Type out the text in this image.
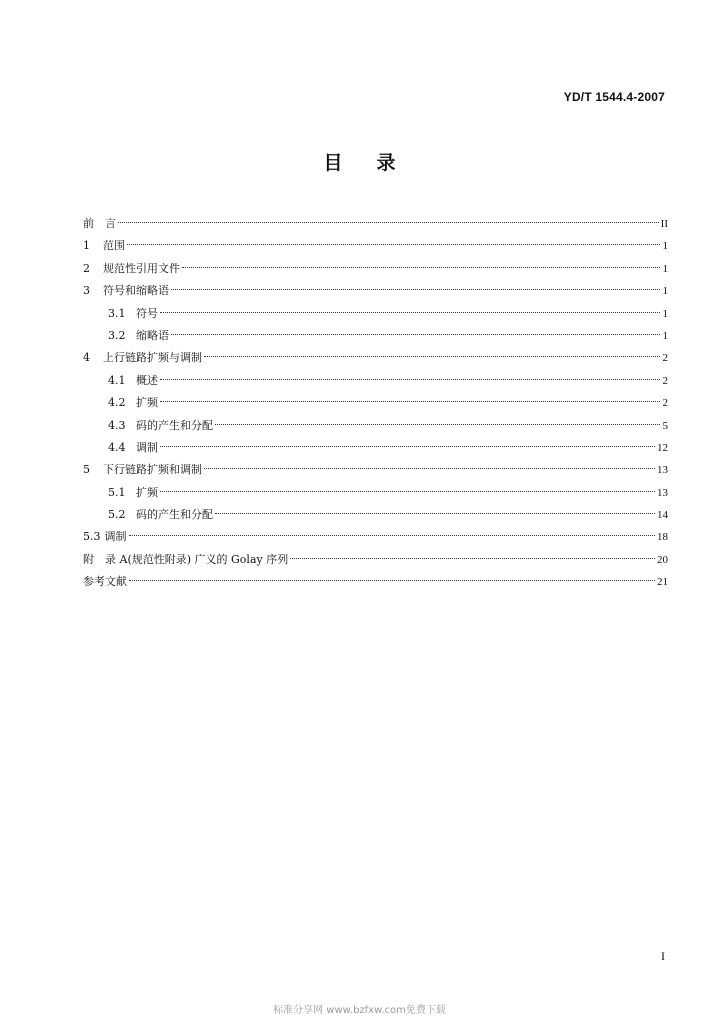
YD/T 1544.4-2007
目录
前　言	II
1	范围	1
2	规范性引用文件	1
3	符号和缩略语	1
3.1 符号	1
3.2 缩略语	1
4	上行链路扩频与调制	2
4.1 概述	2
4.2 扩频	2
4.3 码的产生和分配	5
4.4 调制	12
5	下行链路扩频和调制	13
5.1 扩频	13
5.2 码的产生和分配	14
5.3 调制	18
附　录 A(规范性附录) 广义的 Golay 序列	20
参考文献	21
I
标准分享网 www.bzfxw.com免费下载
